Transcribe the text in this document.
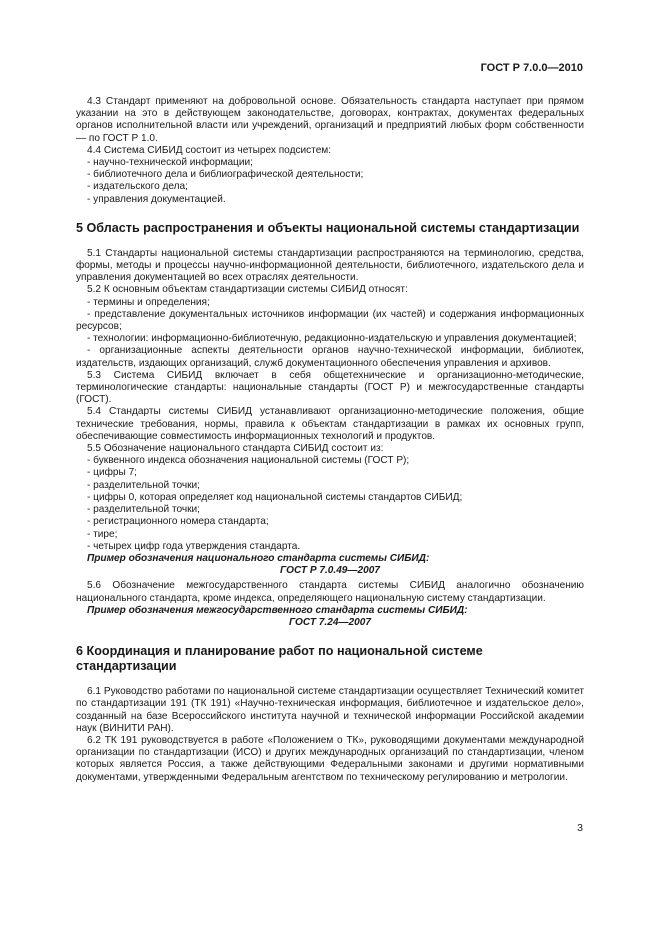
ГОСТ Р 7.0.0—2010

4.3 Стандарт применяют на добровольной основе. Обязательность стандарта наступает при прямом указании на это в действующем законодательстве, договорах, контрактах, документах федеральных органов исполнительной власти или учреждений, организаций и предприятий любых форм собственности — по ГОСТ Р 1.0.

4.4 Система СИБИД состоит из четырех подсистем:

- научно-технической информации;

- библиотечного дела и библиографической деятельности;

- издательского дела;

- управления документацией.

5 Область распространения и объекты национальной системы стандартизации

5.1 Стандарты национальной системы стандартизации распространяются на терминологию, средства, формы, методы и процессы научно-информационной деятельности, библиотечного, издательского дела и управления документацией во всех отраслях деятельности.

5.2 К основным объектам стандартизации системы СИБИД относят:

- термины и определения;

- представление документальных источников информации (их частей) и содержания информационных ресурсов;

- технологии: информационно-библиотечную, редакционно-издательскую и управления документацией;

- организационные аспекты деятельности органов научно-технической информации, библиотек, издательств, издающих организаций, служб документационного обеспечения управления и архивов.

5.3 Система СИБИД включает в себя общетехнические и организационно-методические, терминологические стандарты: национальные стандарты (ГОСТ Р) и межгосударственные стандарты (ГОСТ).

5.4 Стандарты системы СИБИД устанавливают организационно-методические положения, общие технические требования, нормы, правила к объектам стандартизации в рамках их основных групп, обеспечивающие совместимость информационных технологий и продуктов.

5.5 Обозначение национального стандарта СИБИД состоит из:

- буквенного индекса обозначения национальной системы (ГОСТ Р);

- цифры 7;

- разделительной точки;

- цифры 0, которая определяет код национальной системы стандартов СИБИД;

- разделительной точки;

- регистрационного номера стандарта;

- тире;

- четырех цифр года утверждения стандарта.

Пример обозначения национального стандарта системы СИБИД:

ГОСТ Р 7.0.49—2007

5.6 Обозначение межгосударственного стандарта системы СИБИД аналогично обозначению национального стандарта, кроме индекса, определяющего национальную систему стандартизации.

Пример обозначения межгосударственного стандарта системы СИБИД:

ГОСТ 7.24—2007

6 Координация и планирование работ по национальной системе стандартизации

6.1 Руководство работами по национальной системе стандартизации осуществляет Технический комитет по стандартизации 191 (ТК 191) «Научно-техническая информация, библиотечное и издательское дело», созданный на базе Всероссийского института научной и технической информации Российской академии наук (ВИНИТИ РАН).

6.2 ТК 191 руководствуется в работе «Положением о ТК», руководящими документами международной организации по стандартизации (ИСО) и других международных организаций по стандартизации, членом которых является Россия, а также действующими Федеральными законами и другими нормативными документами, утвержденными Федеральным агентством по техническому регулированию и метрологии.

3
